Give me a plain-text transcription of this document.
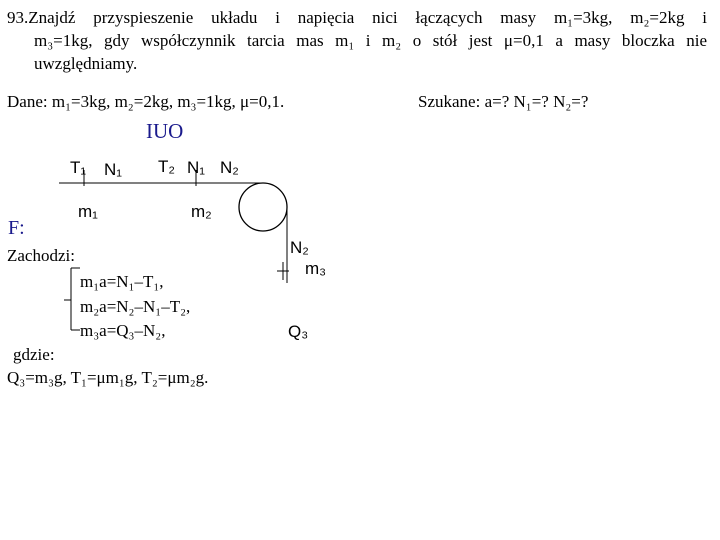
93.Znajdź przyspieszenie układu i napięcia nici łączących masy m₁=3kg, m₂=2kg i
m₃=1kg, gdy współczynnik tarcia mas m₁ i m₂ o stół jest μ=0,1 a masy bloczka nie
uwzględniamy.
Dane: m₁=3kg, m₂=2kg, m₃=1kg, μ=0,1.	Szukane: a=? N₁=? N₂=?
IUO
T₁ N₁ T₂ N₁ N₂
m₁	m₂
N₂
m₃
Q₃
F:
Zachodzi:
m₁a=N₁–T₁,
m₂a=N₂–N₁–T₂,
m₃a=Q₃–N₂,
gdzie:
Q₃=m₃g, T₁=μm₁g, T₂=μm₂g.
